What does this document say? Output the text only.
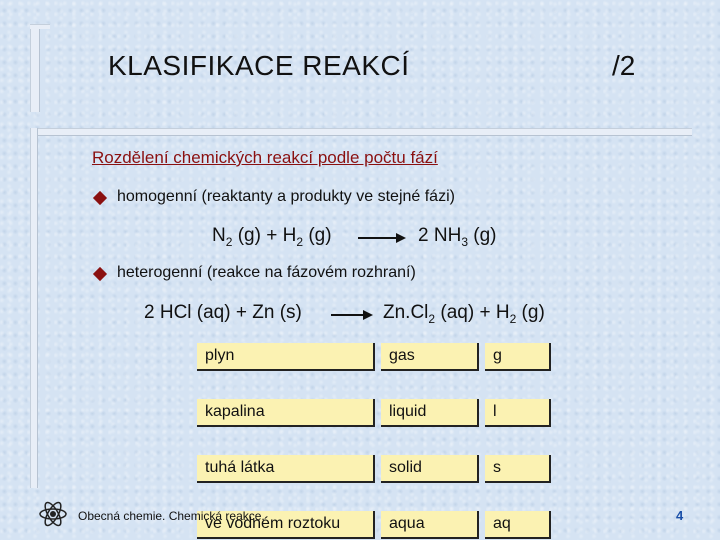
KLASIFIKACE REAKCÍ	/2
Rozdělení chemických reakcí podle počtu fází
homogenní (reaktanty a produkty ve stejné fázi)
$N_2$ $(g) + H_2$ (g) → 2 $NH_3$ (g)
heterogenní (reakce na fázovém rozhraní)
2 HCl (aq) + Zn $(s) \to Zn.Cl_2$ $(aq) + H_2$ (g)
plyn		gas		g

kapalina		liquid		l

tuhá látka		solid		s

ve vodném roztoku		aqua		aq
Obecná chemie. Chemická reakce.	4
